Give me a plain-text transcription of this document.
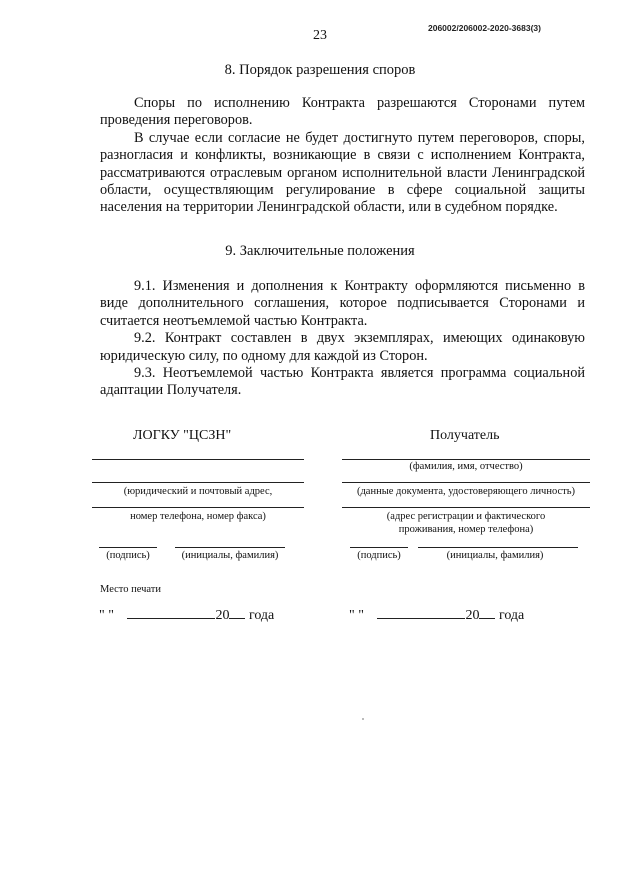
23	206002/206002-2020-3683(3)
8. Порядок разрешения споров

Споры по исполнению Контракта разрешаются Сторонами путем проведения переговоров.

В случае если согласие не будет достигнуто путем переговоров, споры, разногласия и конфликты, возникающие в связи с исполнением Контракта, рассматриваются отраслевым органом исполнительной власти Ленинградской области, осуществляющим регулирование в сфере социальной защиты населения на территории Ленинградской области, или в судебном порядке.

9. Заключительные положения

9.1. Изменения и дополнения к Контракту оформляются письменно в виде дополнительного соглашения, которое подписывается Сторонами и считается неотъемлемой частью Контракта.

9.2. Контракт составлен в двух экземплярах, имеющих одинаковую юридическую силу, по одному для каждой из Сторон.

9.3. Неотъемлемой частью Контракта является программа социальной адаптации Получателя.

ЛОГКУ "ЦСЗН"
(юридический и почтовый адрес,
номер телефона, номер факса)
(подпись)	(инициалы, фамилия)
Место печати
" "	20 года
Получатель
(фамилия, имя, отчество)
(данные документа, удостоверяющего личность)
(адрес регистрации и фактического проживания, номер телефона)
(подпись)	(инициалы, фамилия)
" "	20 года
